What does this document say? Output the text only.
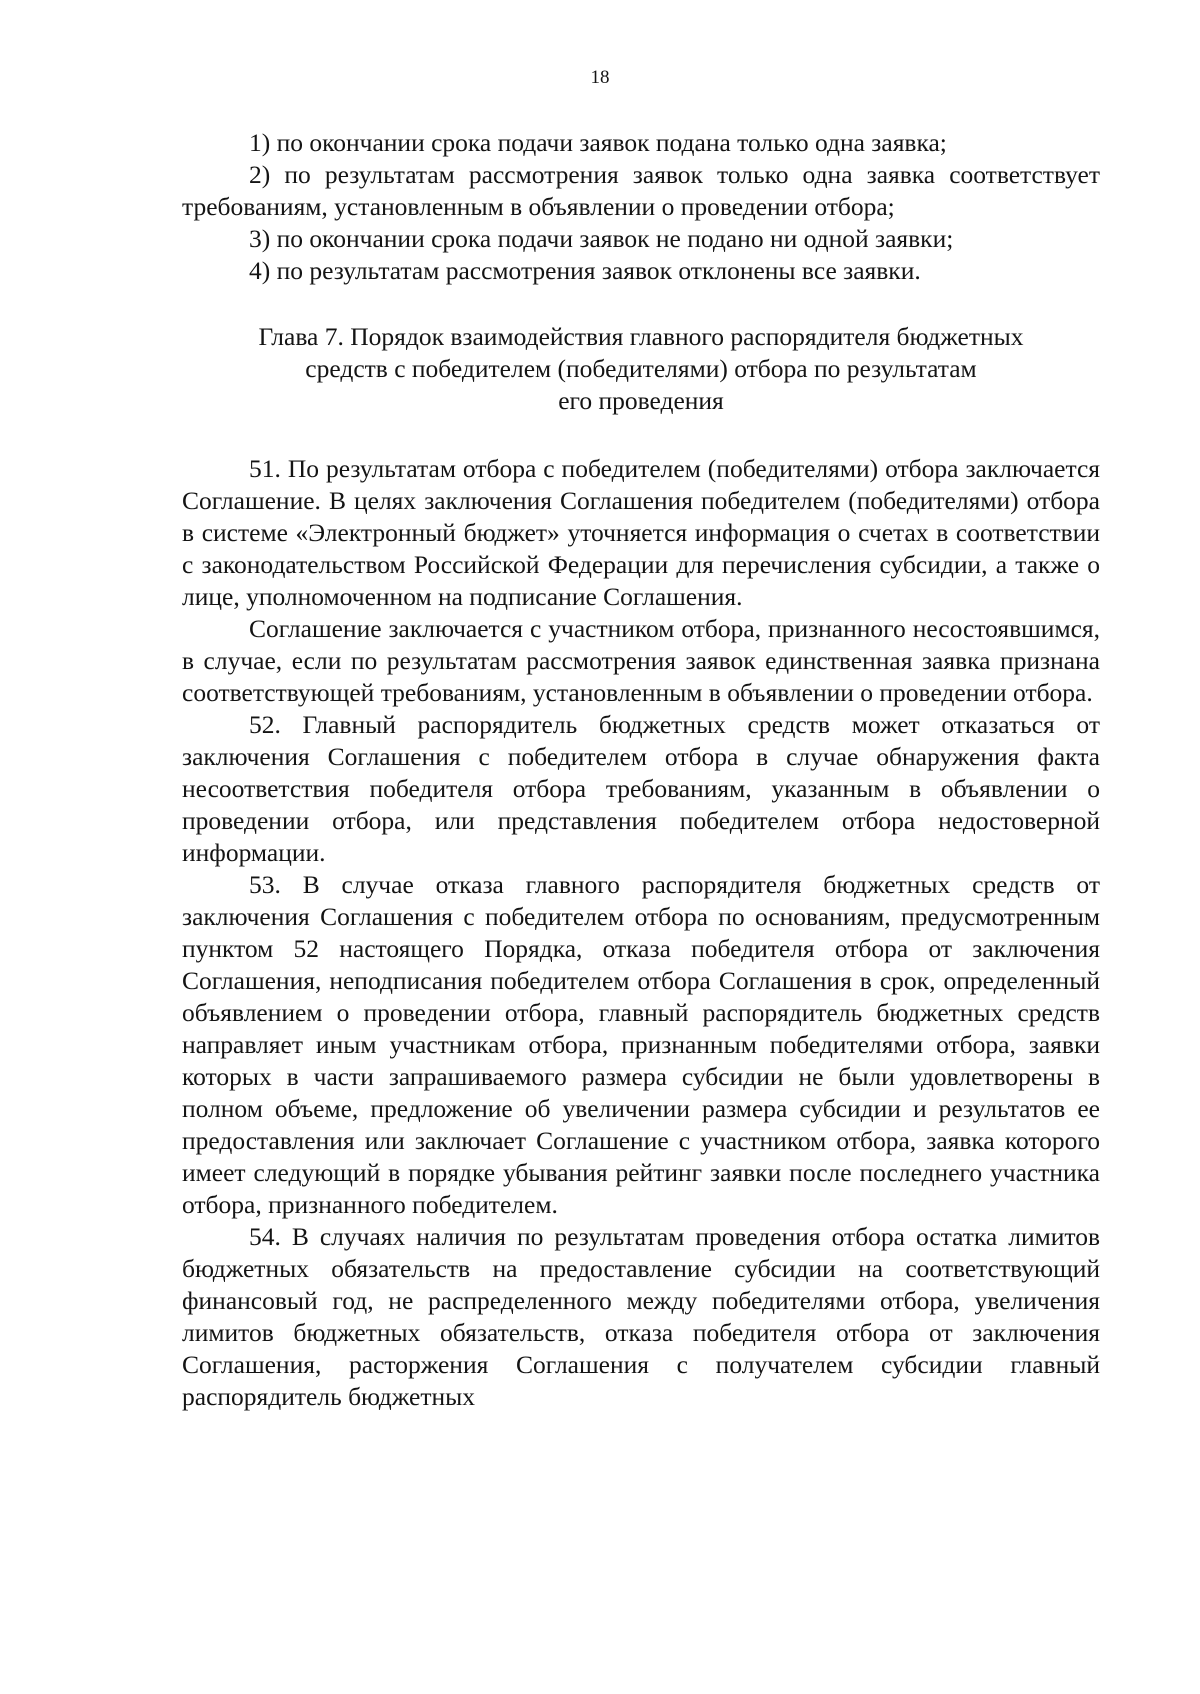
18

1) по окончании срока подачи заявок подана только одна заявка;

2) по результатам рассмотрения заявок только одна заявка соответствует требованиям, установленным в объявлении о проведении отбора;

3) по окончании срока подачи заявок не подано ни одной заявки;

4) по результатам рассмотрения заявок отклонены все заявки.

Глава 7. Порядок взаимодействия главного распорядителя бюджетных
средств с победителем (победителями) отбора по результатам
его проведения

51. По результатам отбора с победителем (победителями) отбора заключается Соглашение. В целях заключения Соглашения победителем (победителями) отбора в системе «Электронный бюджет» уточняется информация о счетах в соответствии с законодательством Российской Федерации для перечисления субсидии, а также о лице, уполномоченном на подписание Соглашения.

Соглашение заключается с участником отбора, признанного несостоявшимся, в случае, если по результатам рассмотрения заявок единственная заявка признана соответствующей требованиям, установленным в объявлении о проведении отбора.

52. Главный распорядитель бюджетных средств может отказаться от заключения Соглашения с победителем отбора в случае обнаружения факта несоответствия победителя отбора требованиям, указанным в объявлении о проведении отбора, или представления победителем отбора недостоверной информации.

53. В случае отказа главного распорядителя бюджетных средств от заключения Соглашения с победителем отбора по основаниям, предусмотренным пунктом 52 настоящего Порядка, отказа победителя отбора от заключения Соглашения, неподписания победителем отбора Соглашения в срок, определенный объявлением о проведении отбора, главный распорядитель бюджетных средств направляет иным участникам отбора, признанным победителями отбора, заявки которых в части запрашиваемого размера субсидии не были удовлетворены в полном объеме, предложение об увеличении размера субсидии и результатов ее предоставления или заключает Соглашение с участником отбора, заявка которого имеет следующий в порядке убывания рейтинг заявки после последнего участника отбора, признанного победителем.

54. В случаях наличия по результатам проведения отбора остатка лимитов бюджетных обязательств на предоставление субсидии на соответствующий финансовый год, не распределенного между победителями отбора, увеличения лимитов бюджетных обязательств, отказа победителя отбора от заключения Соглашения, расторжения Соглашения с получателем субсидии главный распорядитель бюджетных
